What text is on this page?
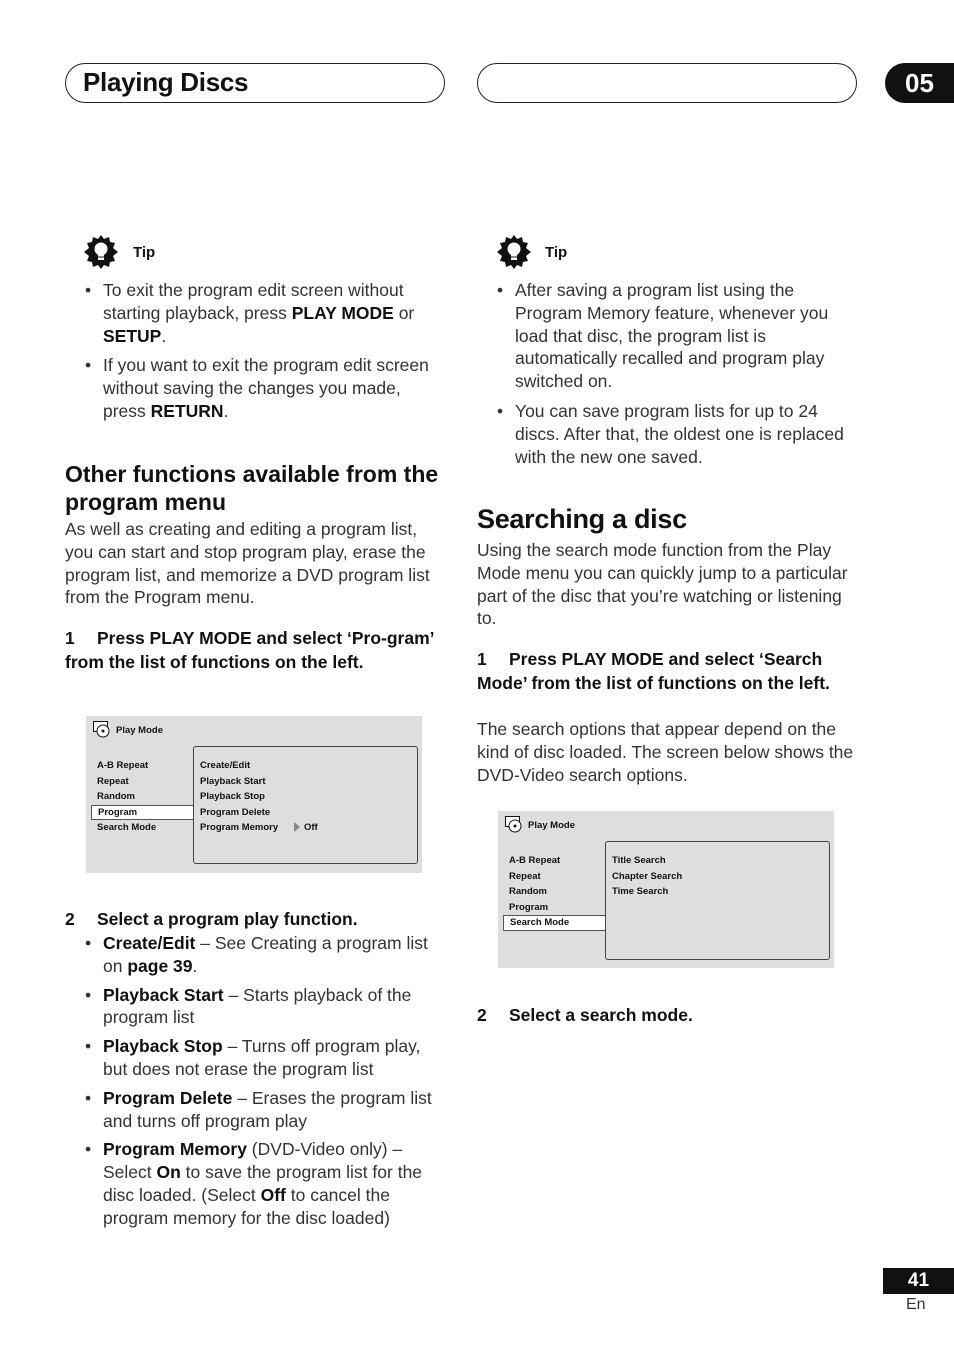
Playing Discs	05
Tip
• To exit the program edit screen without starting playback, press PLAY MODE or SETUP.
• If you want to exit the program edit screen without saving the changes you made, press RETURN.
Other functions available from the program menu
As well as creating and editing a program list, you can start and stop program play, erase the program list, and memorize a DVD program list from the Program menu.
1 Press PLAY MODE and select ‘Pro-gram’ from the list of functions on the left.
Play Mode
A-B Repeat
Repeat
Random
Program
Search Mode
Create/Edit
Playback Start
Playback Stop
Program Delete
Program Memory	Off
2 Select a program play function.
• Create/Edit – See Creating a program list on page 39.
• Playback Start – Starts playback of the program list
• Playback Stop – Turns off program play, but does not erase the program list
• Program Delete – Erases the program list and turns off program play
• Program Memory (DVD-Video only) – Select On to save the program list for the disc loaded. (Select Off to cancel the program memory for the disc loaded)
Tip
• After saving a program list using the Program Memory feature, whenever you load that disc, the program list is automatically recalled and program play switched on.
• You can save program lists for up to 24 discs. After that, the oldest one is replaced with the new one saved.
Searching a disc
Using the search mode function from the Play Mode menu you can quickly jump to a particular part of the disc that you’re watching or listening to.
1 Press PLAY MODE and select ‘Search Mode’ from the list of functions on the left.
The search options that appear depend on the kind of disc loaded. The screen below shows the DVD-Video search options.
Play Mode
A-B Repeat
Repeat
Random
Program
Search Mode
Title Search
Chapter Search
Time Search
2 Select a search mode.
41
En
